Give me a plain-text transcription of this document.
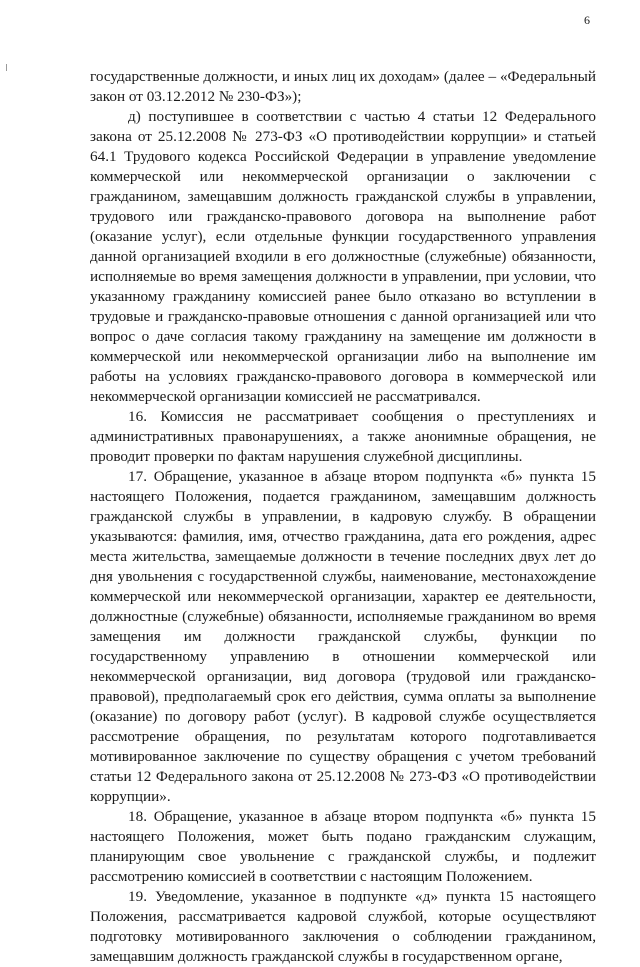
6

государственные должности, и иных лиц их доходам» (далее – «Федеральный закон от 03.12.2012 № 230-ФЗ»);

д) поступившее в соответствии с частью 4 статьи 12 Федерального закона от 25.12.2008 № 273-ФЗ «О противодействии коррупции» и статьей 64.1 Трудового кодекса Российской Федерации в управление уведомление коммерческой или некоммерческой организации о заключении с гражданином, замещавшим должность гражданской службы в управлении, трудового или гражданско-правового договора на выполнение работ (оказание услуг), если отдельные функции государственного управления данной организацией входили в его должностные (служебные) обязанности, исполняемые во время замещения должности в управлении, при условии, что указанному гражданину комиссией ранее было отказано во вступлении в трудовые и гражданско-правовые отношения с данной организацией или что вопрос о даче согласия такому гражданину на замещение им должности в коммерческой или некоммерческой организации либо на выполнение им работы на условиях гражданско-правового договора в коммерческой или некоммерческой организации комиссией не рассматривался.

16. Комиссия не рассматривает сообщения о преступлениях и административных правонарушениях, а также анонимные обращения, не проводит проверки по фактам нарушения служебной дисциплины.

17. Обращение, указанное в абзаце втором подпункта «б» пункта 15 настоящего Положения, подается гражданином, замещавшим должность гражданской службы в управлении, в кадровую службу. В обращении указываются: фамилия, имя, отчество гражданина, дата его рождения, адрес места жительства, замещаемые должности в течение последних двух лет до дня увольнения с государственной службы, наименование, местонахождение коммерческой или некоммерческой организации, характер ее деятельности, должностные (служебные) обязанности, исполняемые гражданином во время замещения им должности гражданской службы, функции по государственному управлению в отношении коммерческой или некоммерческой организации, вид договора (трудовой или гражданско-правовой), предполагаемый срок его действия, сумма оплаты за выполнение (оказание) по договору работ (услуг). В кадровой службе осуществляется рассмотрение обращения, по результатам которого подготавливается мотивированное заключение по существу обращения с учетом требований статьи 12 Федерального закона от 25.12.2008 № 273-ФЗ «О противодействии коррупции».

18. Обращение, указанное в абзаце втором подпункта «б» пункта 15 настоящего Положения, может быть подано гражданским служащим, планирующим свое увольнение с гражданской службы, и подлежит рассмотрению комиссией в соответствии с настоящим Положением.

19. Уведомление, указанное в подпункте «д» пункта 15 настоящего Положения, рассматривается кадровой службой, которые осуществляют подготовку мотивированного заключения о соблюдении гражданином, замещавшим должность гражданской службы в государственном органе,
